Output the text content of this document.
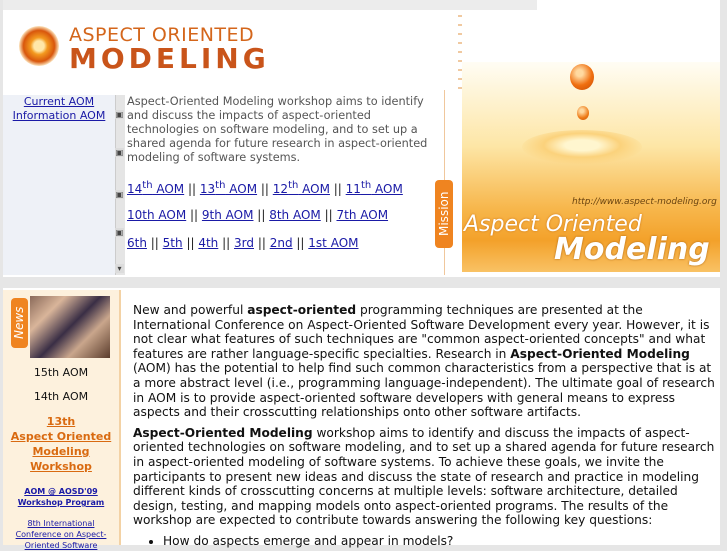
ASPECT ORIENTED
MODELING
Current AOM
Information AOM	▣
▣
▣
▣
▾
Aspect-Oriented Modeling workshop aims to identify and discuss the impacts of aspect-oriented technologies on software modeling, and to set up a shared agenda for future research in aspect-oriented modeling of software systems.
14th AOM || 13th AOM || 12th AOM || 11th AOM
10th AOM || 9th AOM || 8th AOM || 7th AOM
6th || 5th || 4th || 3rd || 2nd || 1st AOM
Mission	http://www.aspect-modeling.org
Aspect Oriented
Modeling
News
15th AOM
14th AOM
13th
Aspect Oriented
Modeling
Workshop
AOM @ AOSD'09
Workshop Program
8th International
Conference on Aspect-
Oriented Software

New and powerful aspect-oriented programming techniques are presented at the International Conference on Aspect-Oriented Software Development every year. However, it is not clear what features of such techniques are "common aspect-oriented concepts" and what features are rather language-specific specialties. Research in Aspect-Oriented Modeling (AOM) has the potential to help find such common characteristics from a perspective that is at a more abstract level (i.e., programming language-independent). The ultimate goal of research in AOM is to provide aspect-oriented software developers with general means to express aspects and their crosscutting relationships onto other software artifacts.

Aspect-Oriented Modeling workshop aims to identify and discuss the impacts of aspect-oriented technologies on software modeling, and to set up a shared agenda for future research in aspect-oriented modeling of software systems. To achieve these goals, we invite the participants to present new ideas and discuss the state of research and practice in modeling different kinds of crosscutting concerns at multiple levels: software architecture, detailed design, testing, and mapping models onto aspect-oriented programs. The results of the workshop are expected to contribute towards answering the following key questions:

• How do aspects emerge and appear in models?
